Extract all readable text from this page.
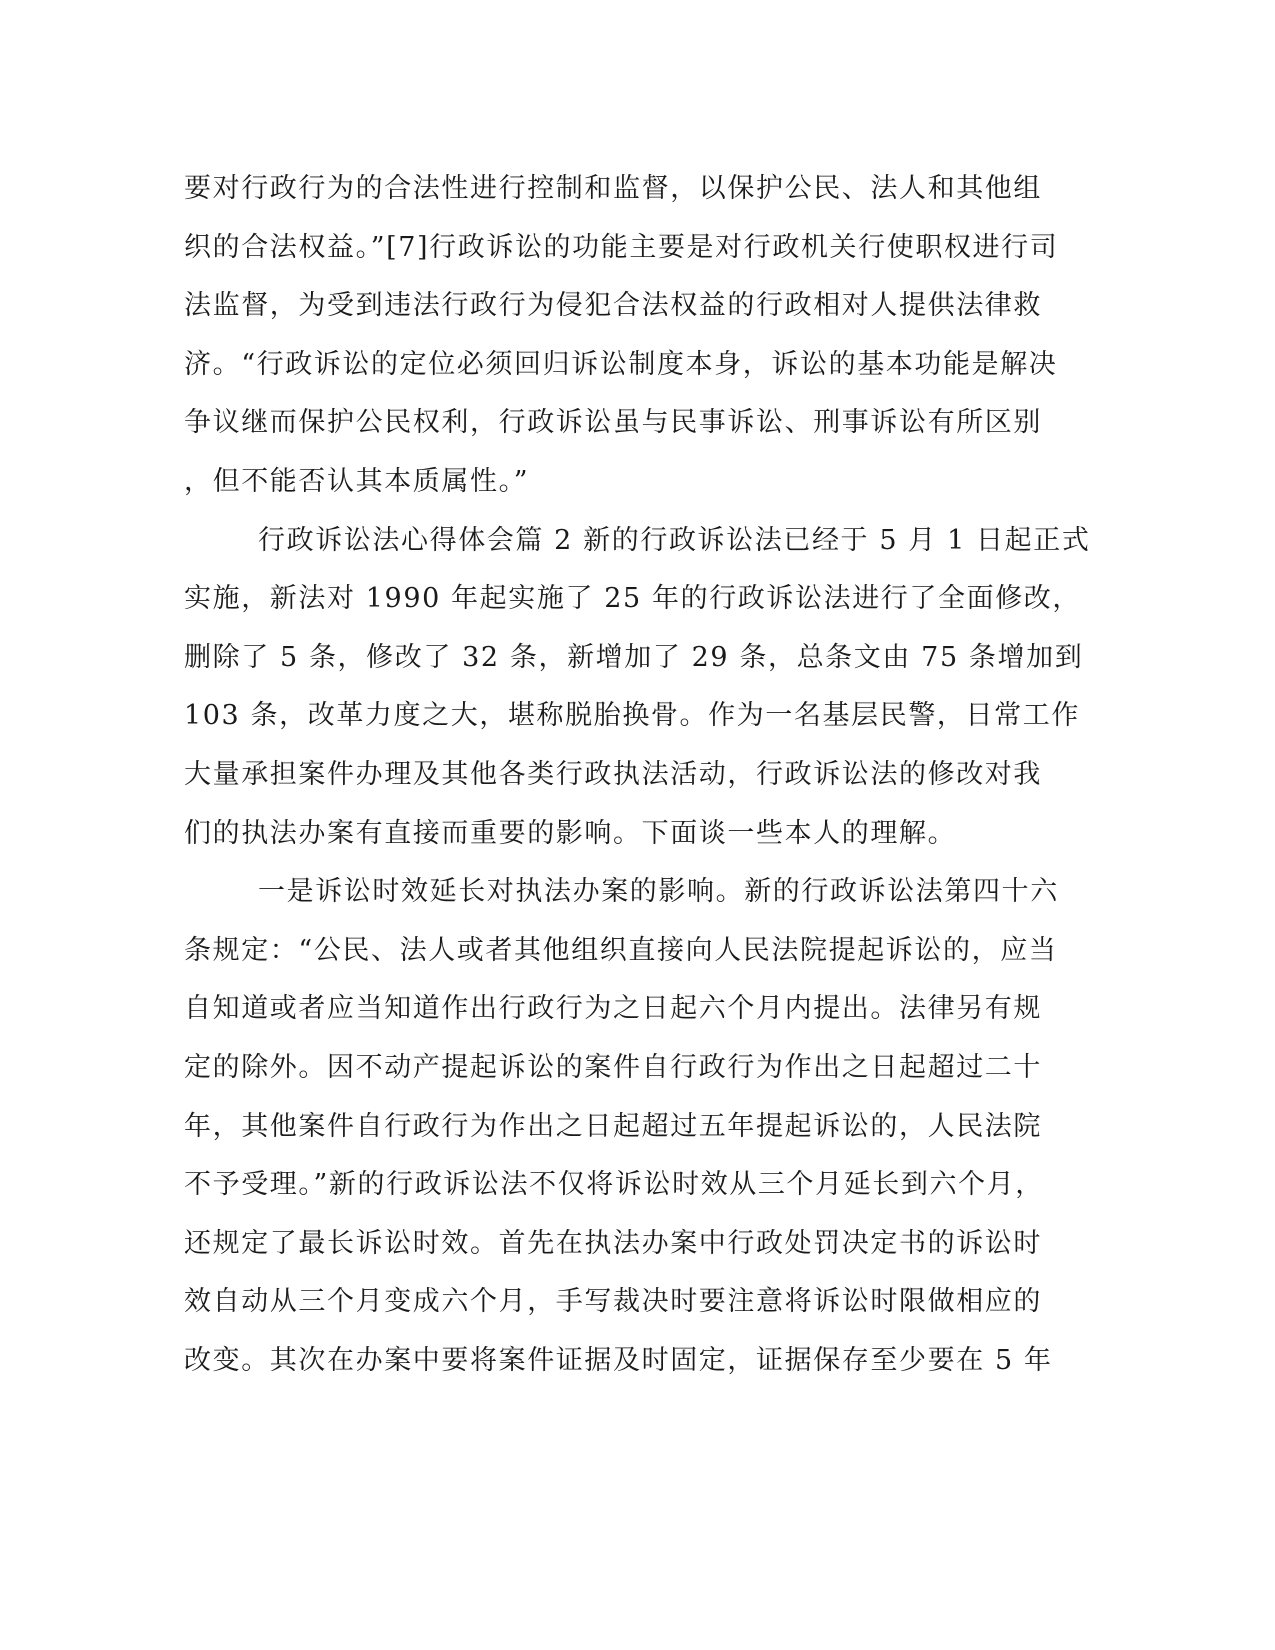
要对行政行为的合法性进行控制和监督，以保护公民、法人和其他组
织的合法权益。”[7]行政诉讼的功能主要是对行政机关行使职权进行司
法监督，为受到违法行政行为侵犯合法权益的行政相对人提供法律救
济。“行政诉讼的定位必须回归诉讼制度本身，诉讼的基本功能是解决
争议继而保护公民权利，行政诉讼虽与民事诉讼、刑事诉讼有所区别
，但不能否认其本质属性。”
行政诉讼法心得体会篇 2 新的行政诉讼法已经于 5 月 1 日起正式
实施，新法对 1990 年起实施了 25 年的行政诉讼法进行了全面修改，
删除了 5 条，修改了 32 条，新增加了 29 条，总条文由 75 条增加到
103 条，改革力度之大，堪称脱胎换骨。作为一名基层民警，日常工作
大量承担案件办理及其他各类行政执法活动，行政诉讼法的修改对我
们的执法办案有直接而重要的影响。下面谈一些本人的理解。
一是诉讼时效延长对执法办案的影响。新的行政诉讼法第四十六
条规定：“公民、法人或者其他组织直接向人民法院提起诉讼的，应当
自知道或者应当知道作出行政行为之日起六个月内提出。法律另有规
定的除外。因不动产提起诉讼的案件自行政行为作出之日起超过二十
年，其他案件自行政行为作出之日起超过五年提起诉讼的，人民法院
不予受理。”新的行政诉讼法不仅将诉讼时效从三个月延长到六个月，
还规定了最长诉讼时效。首先在执法办案中行政处罚决定书的诉讼时
效自动从三个月变成六个月，手写裁决时要注意将诉讼时限做相应的
改变。其次在办案中要将案件证据及时固定，证据保存至少要在 5 年
